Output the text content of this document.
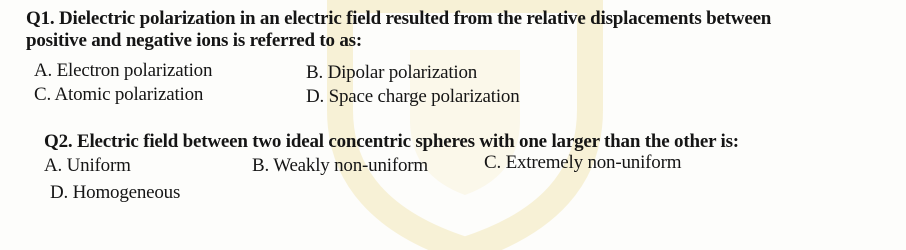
Q1. Dielectric polarization in an electric field resulted from the relative displacements between
positive and negative ions is referred to as:
A. Electron polarization	B. Dipolar polarization
C. Atomic polarization	D. Space charge polarization
Q2. Electric field between two ideal concentric spheres with one larger than the other is:
A. Uniform	B. Weakly non-uniform	C. Extremely non-uniform
D. Homogeneous
